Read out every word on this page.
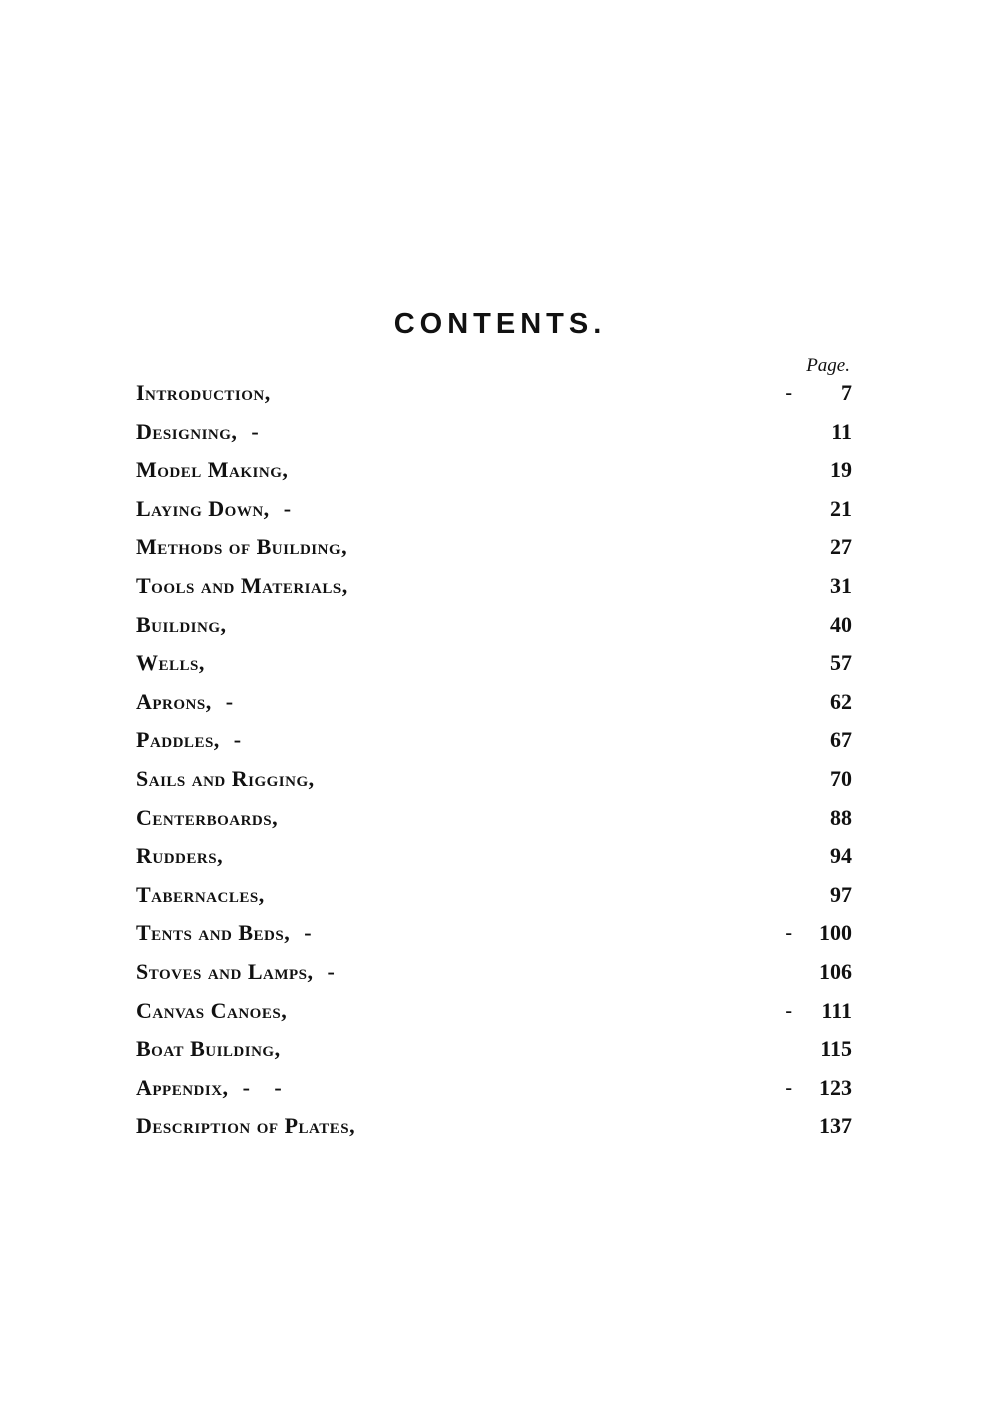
CONTENTS.
Page.
Introduction,	- 7
Designing, -	11
Model Making,	19
Laying Down, -	21
Methods of Building,	27
Tools and Materials,	31
Building,	40
Wells,	57
Aprons, -	62
Paddles, -	67
Sails and Rigging,	70
Centerboards,	88
Rudders,	94
Tabernacles,	97
Tents and Beds, -	- 100
Stoves and Lamps, -	106
Canvas Canoes,	- 111
Boat Building,	115
Appendix, -    -	- 123
Description of Plates,	137
